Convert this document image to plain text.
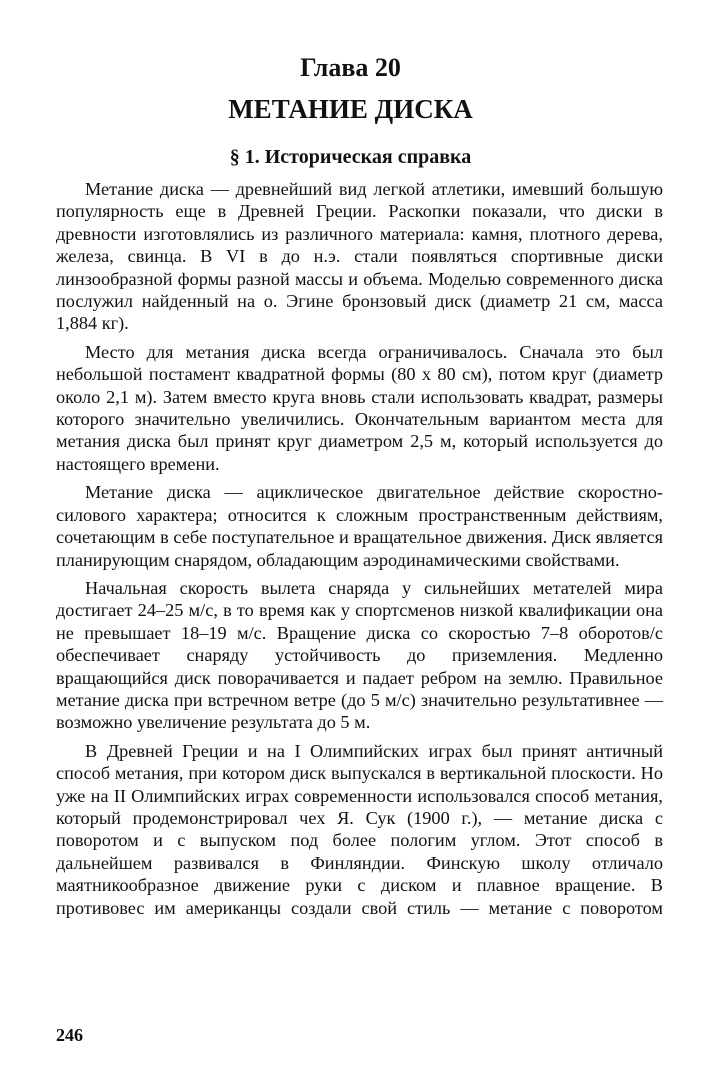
Глава 20
МЕТАНИЕ ДИСКА
§ 1. Историческая справка

Метание диска — древнейший вид легкой атлетики, имевший большую популярность еще в Древней Греции. Раскопки показали, что диски в древности изготовлялись из различного материала: камня, плотного дерева, железа, свинца. В VI в до н.э. стали появляться спортивные диски линзообразной формы разной массы и объема. Моделью современного диска послужил найденный на о. Эгине бронзовый диск (диаметр 21 см, масса 1,884 кг).

Место для метания диска всегда ограничивалось. Сначала это был небольшой постамент квадратной формы (80 х 80 см), потом круг (диаметр около 2,1 м). Затем вместо круга вновь стали использовать квадрат, размеры которого значительно увеличились. Окончательным вариантом места для метания диска был принят круг диаметром 2,5 м, который используется до настоящего времени.

Метание диска — ациклическое двигательное действие скоростно-силового характера; относится к сложным пространственным действиям, сочетающим в себе поступательное и вращательное движения. Диск является планирующим снарядом, обладающим аэродинамическими свойствами.

Начальная скорость вылета снаряда у сильнейших метателей мира достигает 24–25 м/с, в то время как у спортсменов низкой квалификации она не превышает 18–19 м/с. Вращение диска со скоростью 7–8 оборотов/с обеспечивает снаряду устойчивость до приземления. Медленно вращающийся диск поворачивается и падает ребром на землю. Правильное метание диска при встречном ветре (до 5 м/с) значительно результативнее — возможно увеличение результата до 5 м.

В Древней Греции и на I Олимпийских играх был принят античный способ метания, при котором диск выпускался в вертикальной плоскости. Но уже на II Олимпийских играх современности использовался способ метания, который продемонстрировал чех Я. Сук (1900 г.), — метание диска с поворотом и с выпуском под более пологим углом. Этот способ в дальнейшем развивался в Финляндии. Финскую школу отличало маятникообразное движение руки с диском и плавное вращение. В противовес им американцы создали свой стиль — метание с поворотом

246
